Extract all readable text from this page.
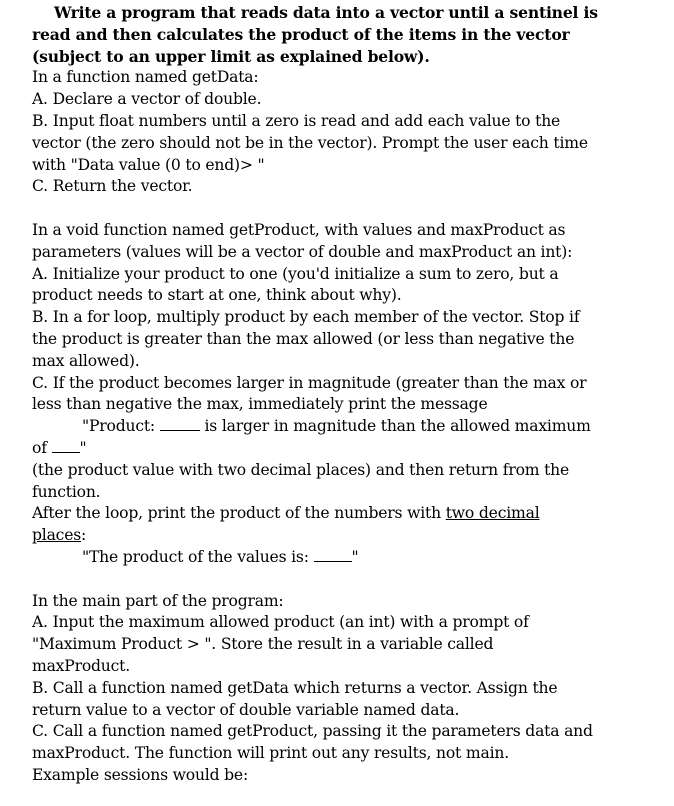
Write a program that reads data into a vector until a sentinel is
read and then calculates the product of the items in the vector
(subject to an upper limit as explained below).
In a function named getData:
A. Declare a vector of double.
B. Input float numbers until a zero is read and add each value to the
vector (the zero should not be in the vector). Prompt the user each time
with "Data value (0 to end)> "
C. Return the vector.
In a void function named getProduct, with values and maxProduct as
parameters (values will be a vector of double and maxProduct an int):
A. Initialize your product to one (you'd initialize a sum to zero, but a
product needs to start at one, think about why).
B. In a for loop, multiply product by each member of the vector. Stop if
the product is greater than the max allowed (or less than negative the
max allowed).
C. If the product becomes larger in magnitude (greater than the max or
less than negative the max, immediately print the message
"Product:	is larger in magnitude than the allowed maximum
of "
(the product value with two decimal places) and then return from the
function.
After the loop, print the product of the numbers with two decimal
places:
"The product of the values is: "
In the main part of the program:
A. Input the maximum allowed product (an int) with a prompt of
"Maximum Product > ". Store the result in a variable called
maxProduct.
B. Call a function named getData which returns a vector. Assign the
return value to a vector of double variable named data.
C. Call a function named getProduct, passing it the parameters data and
maxProduct. The function will print out any results, not main.
Example sessions would be:
